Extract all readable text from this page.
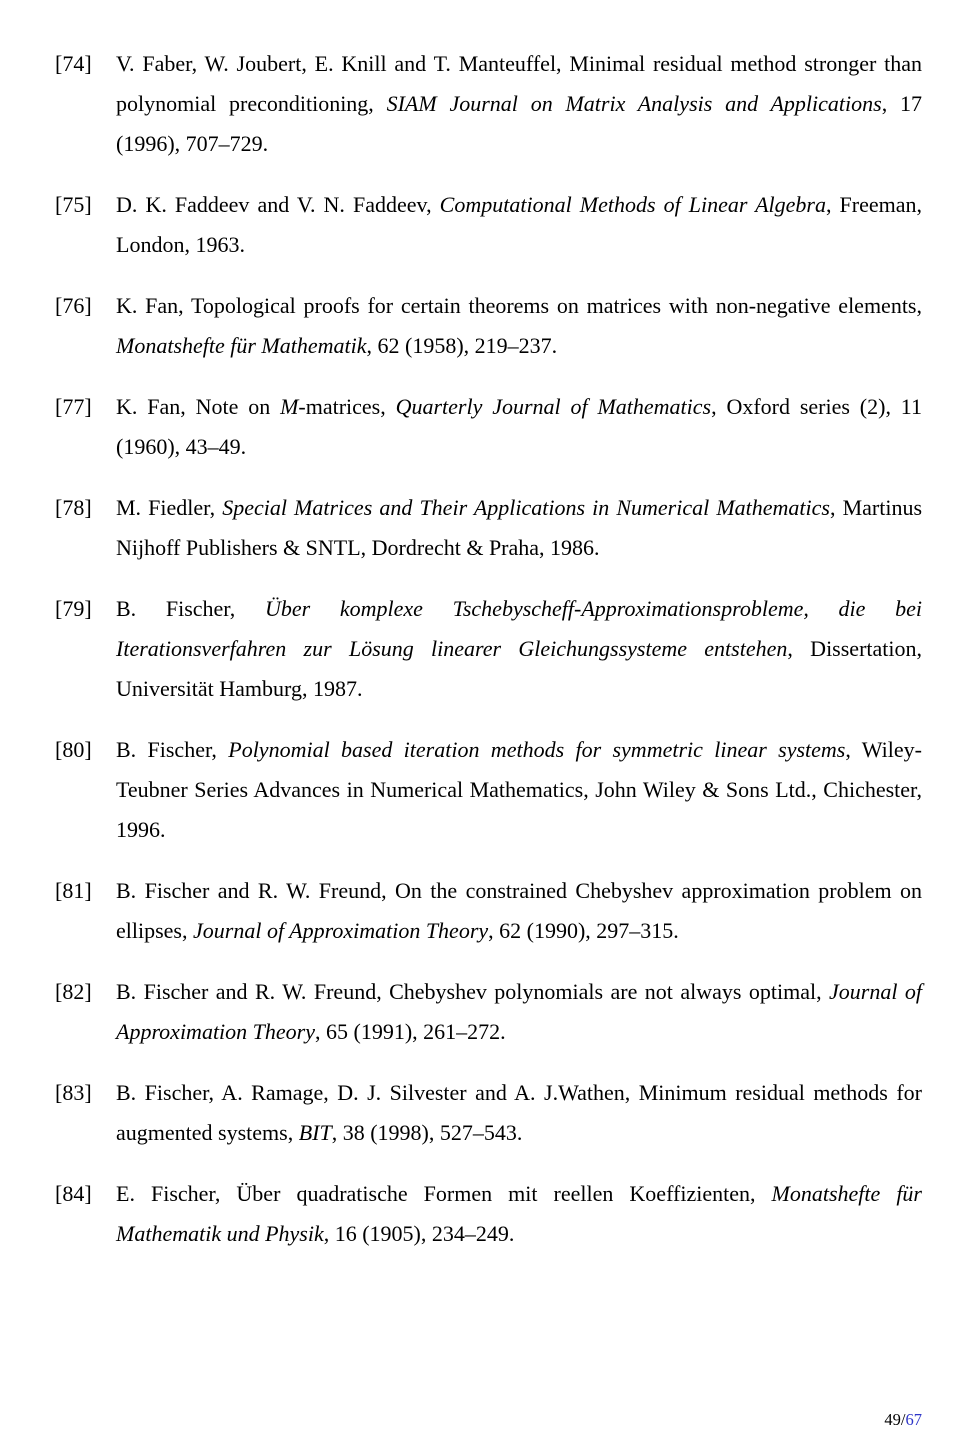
[74] V. Faber, W. Joubert, E. Knill and T. Manteuffel, Minimal residual method stronger than polynomial preconditioning, SIAM Journal on Matrix Analysis and Applications, 17 (1996), 707–729.
[75] D. K. Faddeev and V. N. Faddeev, Computational Methods of Linear Algebra, Freeman, London, 1963.
[76] K. Fan, Topological proofs for certain theorems on matrices with non-negative elements, Monatshefte für Mathematik, 62 (1958), 219–237.
[77] K. Fan, Note on M-matrices, Quarterly Journal of Mathematics, Oxford series (2), 11 (1960), 43–49.
[78] M. Fiedler, Special Matrices and Their Applications in Numerical Mathematics, Martinus Nijhoff Publishers & SNTL, Dordrecht & Praha, 1986.
[79] B. Fischer, Über komplexe Tschebyscheff-Approximationsprobleme, die bei Iterationsverfahren zur Lösung linearer Gleichungssysteme entstehen, Dissertation, Universität Hamburg, 1987.
[80] B. Fischer, Polynomial based iteration methods for symmetric linear systems, Wiley-Teubner Series Advances in Numerical Mathematics, John Wiley & Sons Ltd., Chichester, 1996.
[81] B. Fischer and R. W. Freund, On the constrained Chebyshev approximation problem on ellipses, Journal of Approximation Theory, 62 (1990), 297–315.
[82] B. Fischer and R. W. Freund, Chebyshev polynomials are not always optimal, Journal of Approximation Theory, 65 (1991), 261–272.
[83] B. Fischer, A. Ramage, D. J. Silvester and A. J.Wathen, Minimum residual methods for augmented systems, BIT, 38 (1998), 527–543.
[84] E. Fischer, Über quadratische Formen mit reellen Koeffizienten, Monatshefte für Mathematik und Physik, 16 (1905), 234–249.
49/67
